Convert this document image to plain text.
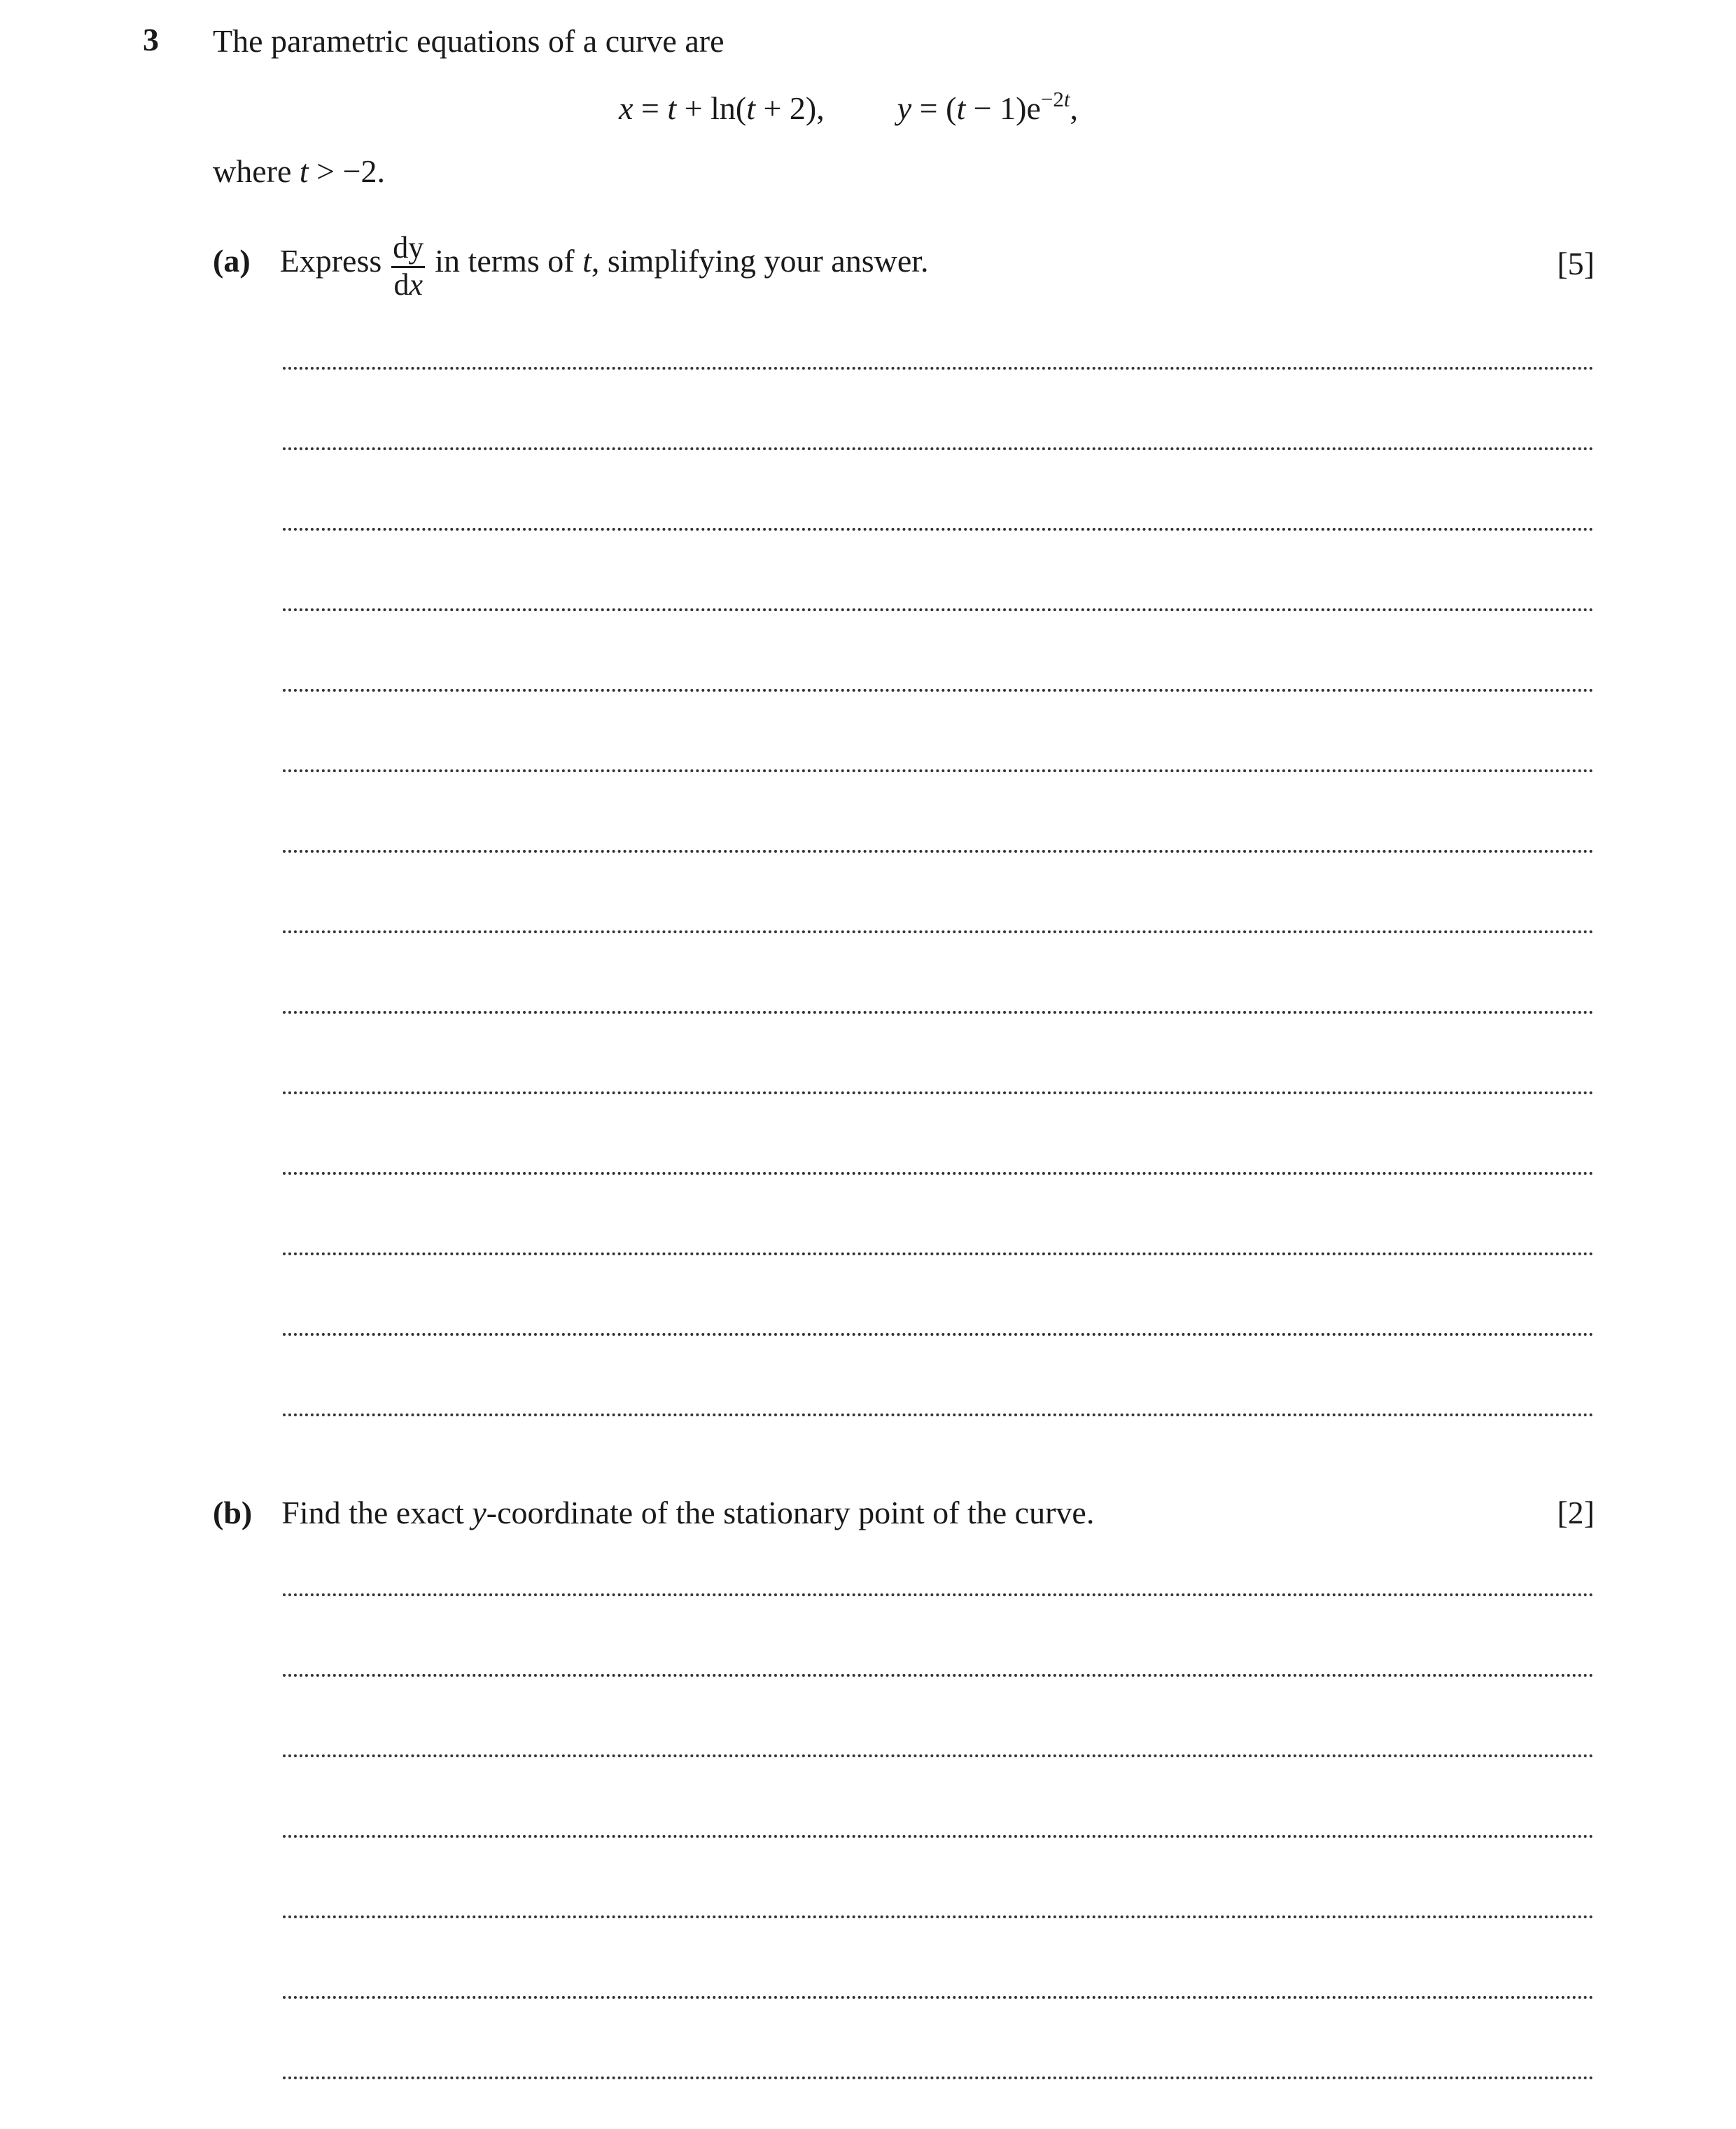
3 The parametric equations of a curve are
x = t + ln(t + 2), $y = (t - 1)e^{-2t}$,
where t > −2.
(a) Express $\frac{dy}{dx}$ in terms of t, simplifying your answer.	[5]
(b) Find the exact y-coordinate of the stationary point of the curve.	[2]
